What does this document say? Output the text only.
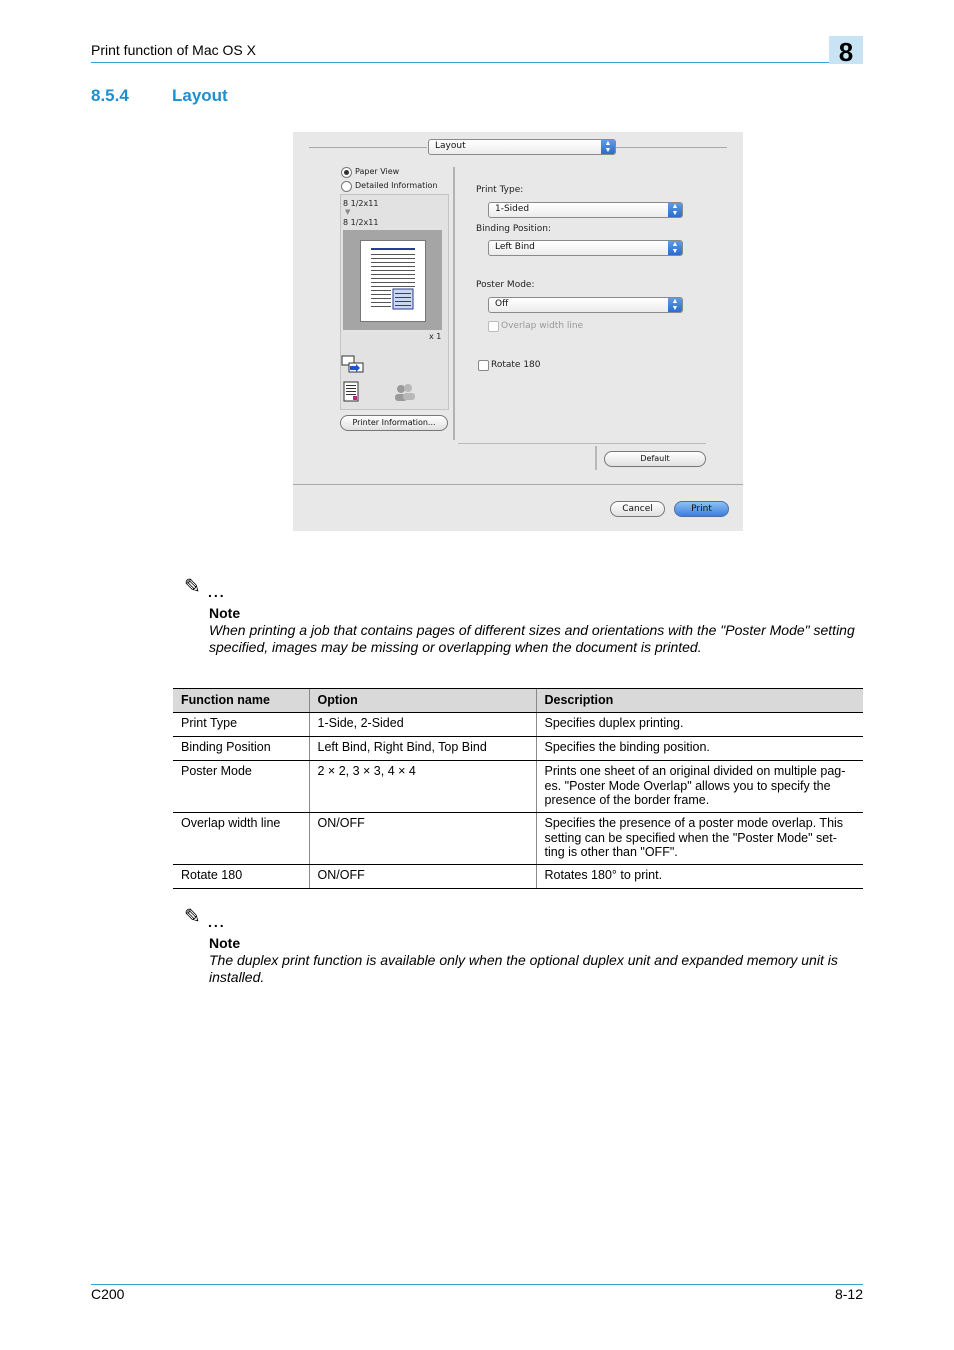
Print function of Mac OS X	8
8.5.4	Layout
Layout	▲
▼
Paper View
Detailed Information
8 1/2x11
▼
8 1/2x11
x 1
Printer Information...
Print Type:
1-Sided	▲
▼
Binding Position:
Left Bind	▲
▼
Poster Mode:
Off	▲
▼
Overlap width line
Rotate 180
Default
Cancel	Print
✎ ...
Note
When printing a job that contains pages of different sizes and orientations with the "Poster Mode" setting specified, images may be missing or overlapping when the document is printed.
Function name	Option	Description
Print Type	1-Side, 2-Sided	Specifies duplex printing.
Binding Position	Left Bind, Right Bind, Top Bind	Specifies the binding position.
Poster Mode	2 × 2, 3 × 3, 4 × 4	Prints one sheet of an original divided on multiple pag-
es. "Poster Mode Overlap" allows you to specify the
presence of the border frame.
Overlap width line	ON/OFF	Specifies the presence of a poster mode overlap. This
setting can be specified when the "Poster Mode" set-
ting is other than "OFF".
Rotate 180	ON/OFF	Rotates 180° to print.
✎ ...
Note
The duplex print function is available only when the optional duplex unit and expanded memory unit is installed.
C200	8-12
